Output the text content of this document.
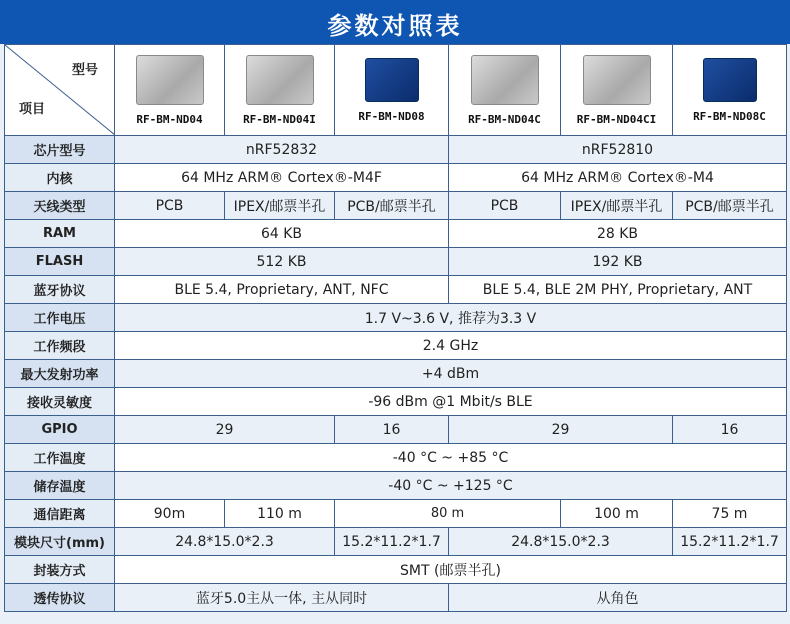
参数对照表
型号
项目	RF-BM-ND04	RF-BM-ND04I	RF-BM-ND08	RF-BM-ND04C	RF-BM-ND04CI	RF-BM-ND08C

芯片型号	nRF52832			nRF52810		
内核	64 MHz ARM® Cortex®-M4F			64 MHz ARM® Cortex®-M4		
天线类型	PCB	IPEX/邮票半孔	PCB/邮票半孔	PCB	IPEX/邮票半孔	PCB/邮票半孔
RAM	64 KB			28 KB		
FLASH	512 KB			192 KB		
蓝牙协议	BLE 5.4, Proprietary, ANT, NFC			BLE 5.4, BLE 2M PHY, Proprietary, ANT		
工作电压	1.7 V~3.6 V, 推荐为3.3 V					
工作频段	2.4 GHz					
最大发射功率	+4 dBm					
接收灵敏度	-96 dBm @1 Mbit/s BLE					
GPIO	29		16	29		16
工作温度	-40 °C ~ +85 °C					
储存温度	-40 °C ~ +125 °C					
通信距离	90m	110 m	80 m		100 m	75 m
模块尺寸(mm)	24.8*15.0*2.3		15.2*11.2*1.7	24.8*15.0*2.3		15.2*11.2*1.7
封装方式	SMT (邮票半孔)					
透传协议	蓝牙5.0主从一体, 主从同时			从角色		
